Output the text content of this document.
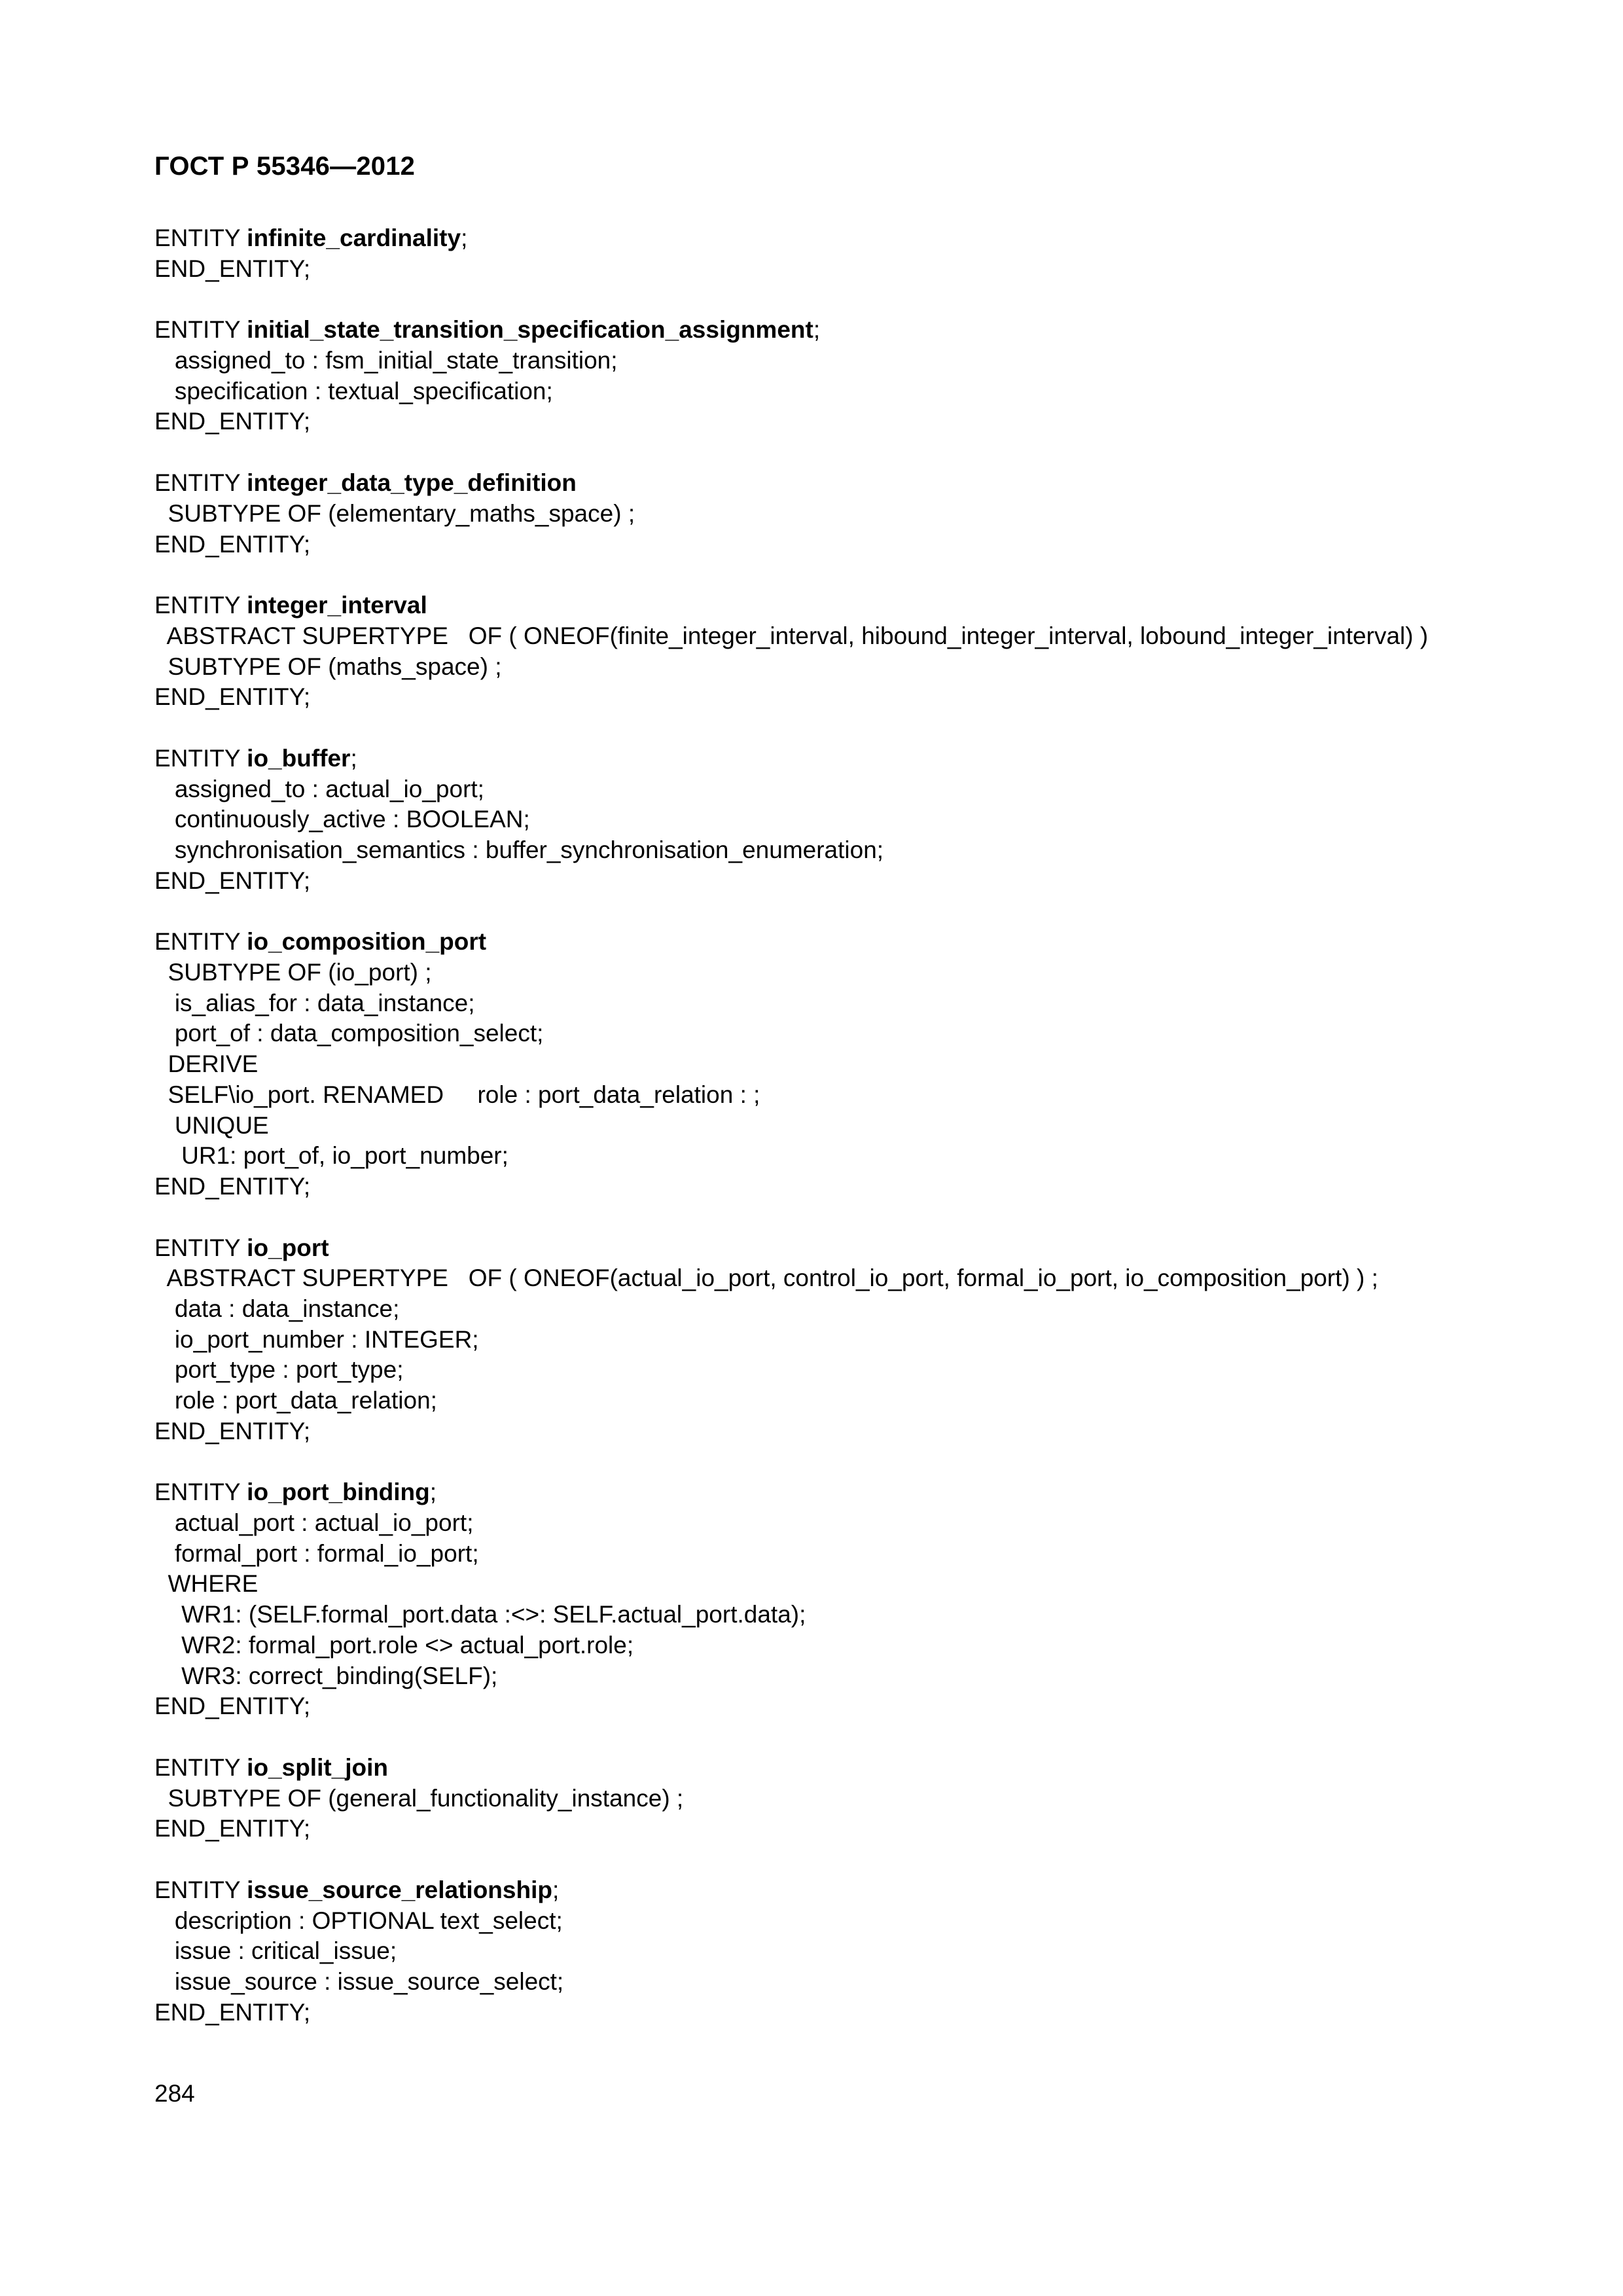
ГОСТ Р 55346—2012
ENTITY infinite_cardinality;
END_ENTITY;
ENTITY initial_state_transition_specification_assignment;
assigned_to : fsm_initial_state_transition;
specification : textual_specification;
END_ENTITY;
ENTITY integer_data_type_definition
SUBTYPE OF (elementary_maths_space) ;
END_ENTITY;
ENTITY integer_interval
ABSTRACT SUPERTYPE   OF ( ONEOF(finite_integer_interval, hibound_integer_interval, lobound_integer_interval) )
SUBTYPE OF (maths_space) ;
END_ENTITY;
ENTITY io_buffer;
assigned_to : actual_io_port;
continuously_active : BOOLEAN;
synchronisation_semantics : buffer_synchronisation_enumeration;
END_ENTITY;
ENTITY io_composition_port
SUBTYPE OF (io_port) ;
is_alias_for : data_instance;
port_of : data_composition_select;
DERIVE
SELF\io_port. RENAMED     role : port_data_relation : ;
UNIQUE
UR1: port_of, io_port_number;
END_ENTITY;
ENTITY io_port
ABSTRACT SUPERTYPE   OF ( ONEOF(actual_io_port, control_io_port, formal_io_port, io_composition_port) ) ;
data : data_instance;
io_port_number : INTEGER;
port_type : port_type;
role : port_data_relation;
END_ENTITY;
ENTITY io_port_binding;
actual_port : actual_io_port;
formal_port : formal_io_port;
WHERE
WR1: (SELF.formal_port.data :<>: SELF.actual_port.data);
WR2: formal_port.role <> actual_port.role;
WR3: correct_binding(SELF);
END_ENTITY;
ENTITY io_split_join
SUBTYPE OF (general_functionality_instance) ;
END_ENTITY;
ENTITY issue_source_relationship;
description : OPTIONAL text_select;
issue : critical_issue;
issue_source : issue_source_select;
END_ENTITY;
284
